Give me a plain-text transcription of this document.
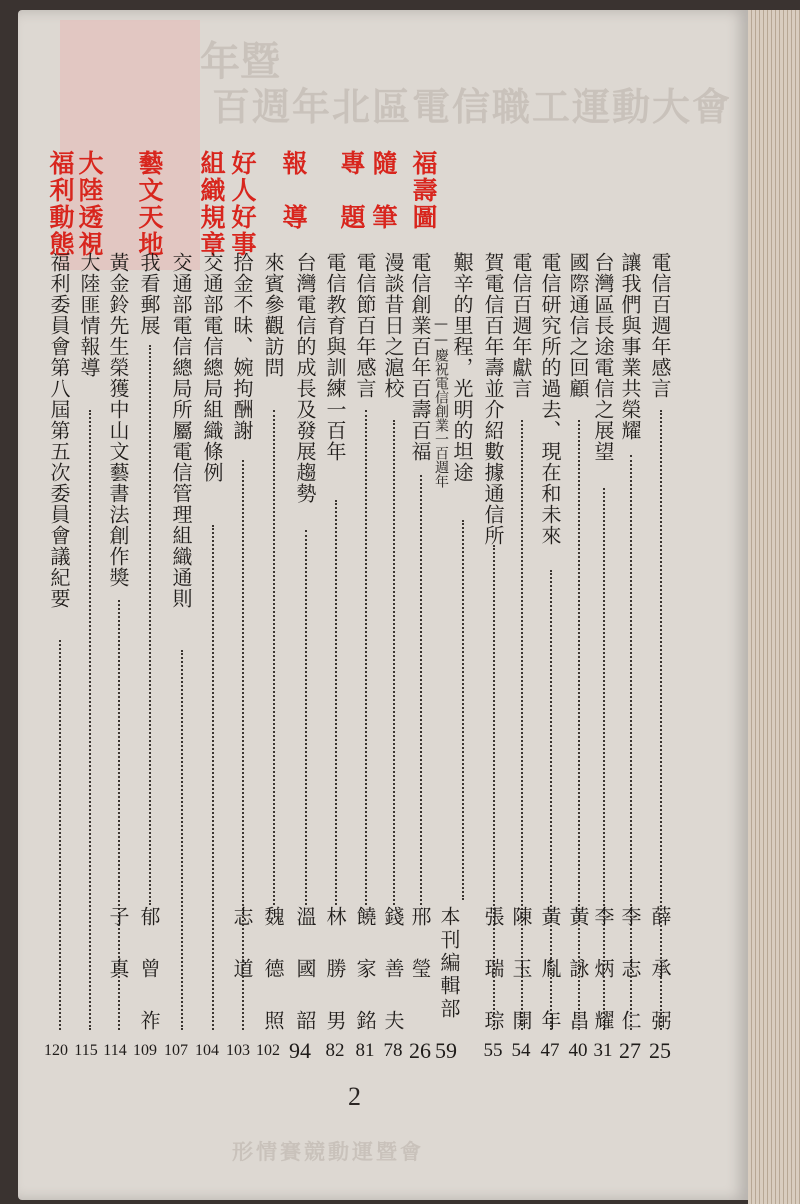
年暨
百週年北區電信職工運動大會
形情賽競動運暨會
福壽圖
隨　筆
專　題
報　導
好人好事
組織規章
藝文天地
大陸透視
福利動態
電信百週年感言
讓我們與事業共榮耀
台灣區長途電信之展望
國際通信之回顧
電信研究所的過去、現在和未來
電信百週年獻言
賀電信百年壽並介紹數據通信所
艱辛的里程，光明的坦途
——慶祝電信創業一百週年
電信創業百年百壽百福
漫談昔日之滬校
電信節百年感言
電信教育與訓練一百年
台灣電信的成長及發展趨勢
來賓參觀訪問
拾金不昧、婉拘酬謝
交通部電信總局組織條例
交通部電信總局所屬電信管理組織通則
我看郵展
黃金鈴先生榮獲中山文藝書法創作獎
大陸匪情報導
福利委員會第八屆第五次委員會議紀要
薛　承　弼
李　志　仁
李　炳　耀
黃　詠　昌
黃　胤　年
陳　玉　開
張　瑞　琮
本刊編輯部
邢　瑩
錢　善　夫
饒　家　銘
林　勝　男
溫　國　韶
魏　德　照
志　道
郁　曾　祚
子　真
25
27
31
40
47
54
55
59
26
78
81
82
94
102
103
104
107
109
114
115
120
2
